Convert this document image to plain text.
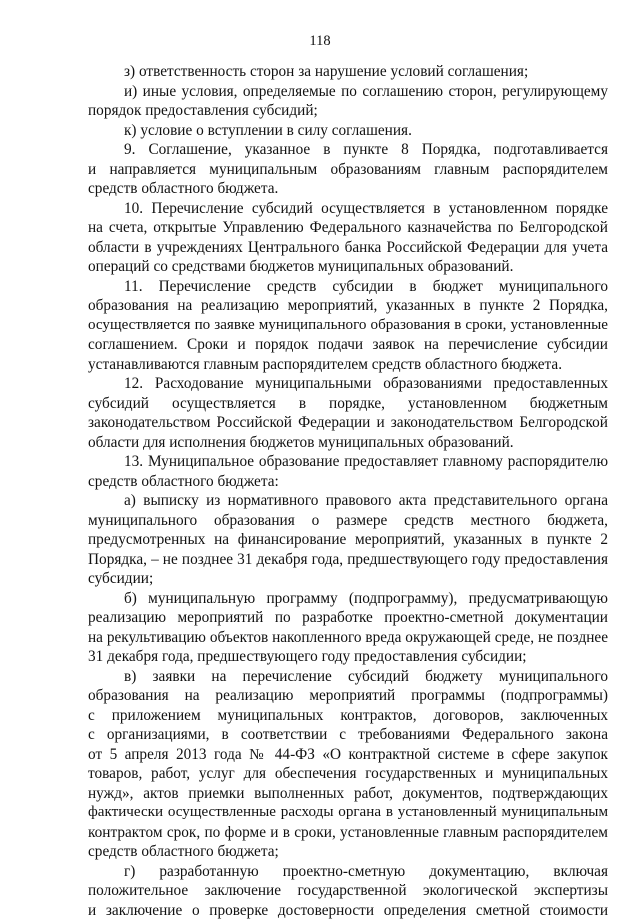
118
з) ответственность сторон за нарушение условий соглашения;
и) иные условия, определяемые по соглашению сторон, регулирующему
порядок предоставления субсидий;
к) условие о вступлении в силу соглашения.
9. Соглашение, указанное в пункте 8 Порядка, подготавливается
и направляется муниципальным образованиям главным распорядителем
средств областного бюджета.
10. Перечисление субсидий осуществляется в установленном порядке
на счета, открытые Управлению Федерального казначейства по Белгородской
области в учреждениях Центрального банка Российской Федерации для учета
операций со средствами бюджетов муниципальных образований.
11. Перечисление средств субсидии в бюджет муниципального
образования на реализацию мероприятий, указанных в пункте 2 Порядка,
осуществляется по заявке муниципального образования в сроки, установленные
соглашением. Сроки и порядок подачи заявок на перечисление субсидии
устанавливаются главным распорядителем средств областного бюджета.
12. Расходование муниципальными образованиями предоставленных
субсидий осуществляется в порядке, установленном бюджетным
законодательством Российской Федерации и законодательством Белгородской
области для исполнения бюджетов муниципальных образований.
13. Муниципальное образование предоставляет главному распорядителю
средств областного бюджета:
а) выписку из нормативного правового акта представительного органа
муниципального образования о размере средств местного бюджета,
предусмотренных на финансирование мероприятий, указанных в пункте 2
Порядка, – не позднее 31 декабря года, предшествующего году предоставления
субсидии;
б) муниципальную программу (подпрограмму), предусматривающую
реализацию мероприятий по разработке проектно-сметной документации
на рекультивацию объектов накопленного вреда окружающей среде, не позднее
31 декабря года, предшествующего году предоставления субсидии;
в) заявки на перечисление субсидий бюджету муниципального
образования на реализацию мероприятий программы (подпрограммы)
с приложением муниципальных контрактов, договоров, заключенных
с организациями, в соответствии с требованиями Федерального закона
от 5 апреля 2013 года № 44-ФЗ «О контрактной системе в сфере закупок
товаров, работ, услуг для обеспечения государственных и муниципальных
нужд», актов приемки выполненных работ, документов, подтверждающих
фактически осуществленные расходы органа в установленный муниципальным
контрактом срок, по форме и в сроки, установленные главным распорядителем
средств областного бюджета;
г) разработанную проектно-сметную документацию, включая
положительное заключение государственной экологической экспертизы
и заключение о проверке достоверности определения сметной стоимости
